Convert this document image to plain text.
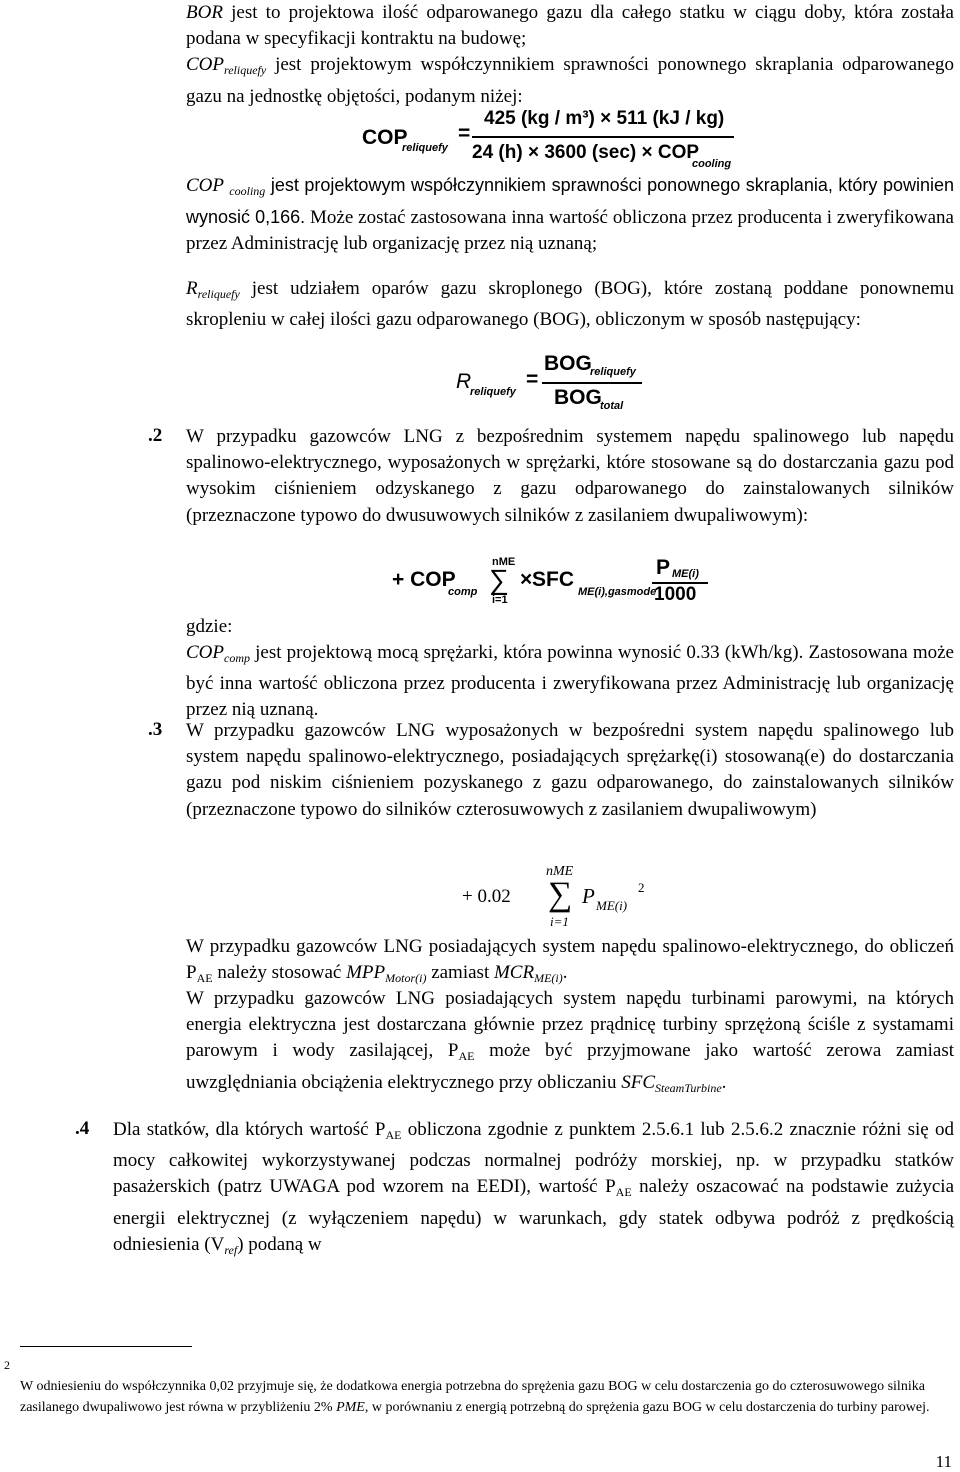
BOR jest to projektowa ilość odparowanego gazu dla całego statku w ciągu doby, która została podana w specyfikacji kontraktu na budowę;
$COP_{reliquefy}$ jest projektowym współczynnikiem sprawności ponownego skraplania odparowanego gazu na jednostkę objętości, podanym niżej:

COP
reliquefy
=
425 (kg / m³) × 511 (kJ / kg)
24 (h) × 3600 (sec) × COP
cooling

COP $_{cooling}$ jest projektowym współczynnikiem sprawności ponownego skraplania, który powinien wynosić 0,166. Może zostać zastosowana inna wartość obliczona przez producenta i zweryfikowana przez Administrację lub organizację przez nią uznaną;

$R_{reliquefy}$ jest udziałem oparów gazu skroplonego (BOG), które zostaną poddane ponownemu skropleniu w całej ilości gazu odparowanego (BOG), obliczonym w sposób następujący:

R
reliquefy
=
BOG
reliquefy
BOG
total
.2 W przypadku gazowców LNG z bezpośrednim systemem napędu spalinowego lub napędu spalinowo-elektrycznego, wyposażonych w sprężarki, które stosowane są do dostarczania gazu pod wysokim ciśnieniem odzyskanego z gazu odparowanego do zainstalowanych silników (przeznaczone typowo do dwusuwowych silników z zasilaniem dwupaliwowym):

+ COP
comp
nME
∑
i=1
× SFC
ME(i),gasmode
P ME(i)
1000

gdzie:

$COP_{comp}$ jest projektową mocą sprężarki, która powinna wynosić 0.33 (kWh/kg). Zastosowana może być inna wartość obliczona przez producenta i zweryfikowana przez Administrację lub organizację przez nią uznaną.

.3 W przypadku gazowców LNG wyposażonych w bezpośredni system napędu spalinowego lub system napędu spalinowo-elektrycznego, posiadających sprężarkę(i) stosowaną(e) do dostarczania gazu pod niskim ciśnieniem pozyskanego z gazu odparowanego, do zainstalowanych silników (przeznaczone typowo do silników czterosuwowych z zasilaniem dwupaliwowym)

+ 0.02
nME
∑
i=1
P ME(i)
2

W przypadku gazowców LNG posiadających system napędu spalinowo-elektrycznego, do obliczeń $P_{AE}$ należy stosować $MPP_{Motor(i)}$ zamiast $MCR_{ME(i)}$.

W przypadku gazowców LNG posiadających system napędu turbinami parowymi, na których energia elektryczna jest dostarczana głównie przez prądnicę turbiny sprzężoną ściśle z systamami parowym i wody zasilającej, $P_{AE}$ może być przyjmowane jako wartość zerowa zamiast uwzględniania obciążenia elektrycznego przy obliczaniu $SFC_{SteamTurbine}$.

.4 Dla statków, dla których wartość $P_{AE}$ obliczona zgodnie z punktem 2.5.6.1 lub 2.5.6.2 znacznie różni się od mocy całkowitej wykorzystywanej podczas normalnej podróży morskiej, np. w przypadku statków pasażerskich (patrz UWAGA pod wzorem na EEDI), wartość $P_{AE}$ należy oszacować na podstawie zużycia energii elektrycznej (z wyłączeniem napędu) w warunkach, gdy statek odbywa podróż z prędkością odniesienia $(V_{ref})$ podaną w

2

W odniesieniu do współczynnika 0,02 przyjmuje się, że dodatkowa energia potrzebna do sprężenia gazu BOG w celu dostarczenia go do czterosuwowego silnika zasilanego dwupaliwowo jest równa w przybliżeniu 2% PME, w porównaniu z energią potrzebną do sprężenia gazu BOG w celu dostarczenia do turbiny parowej.

11
